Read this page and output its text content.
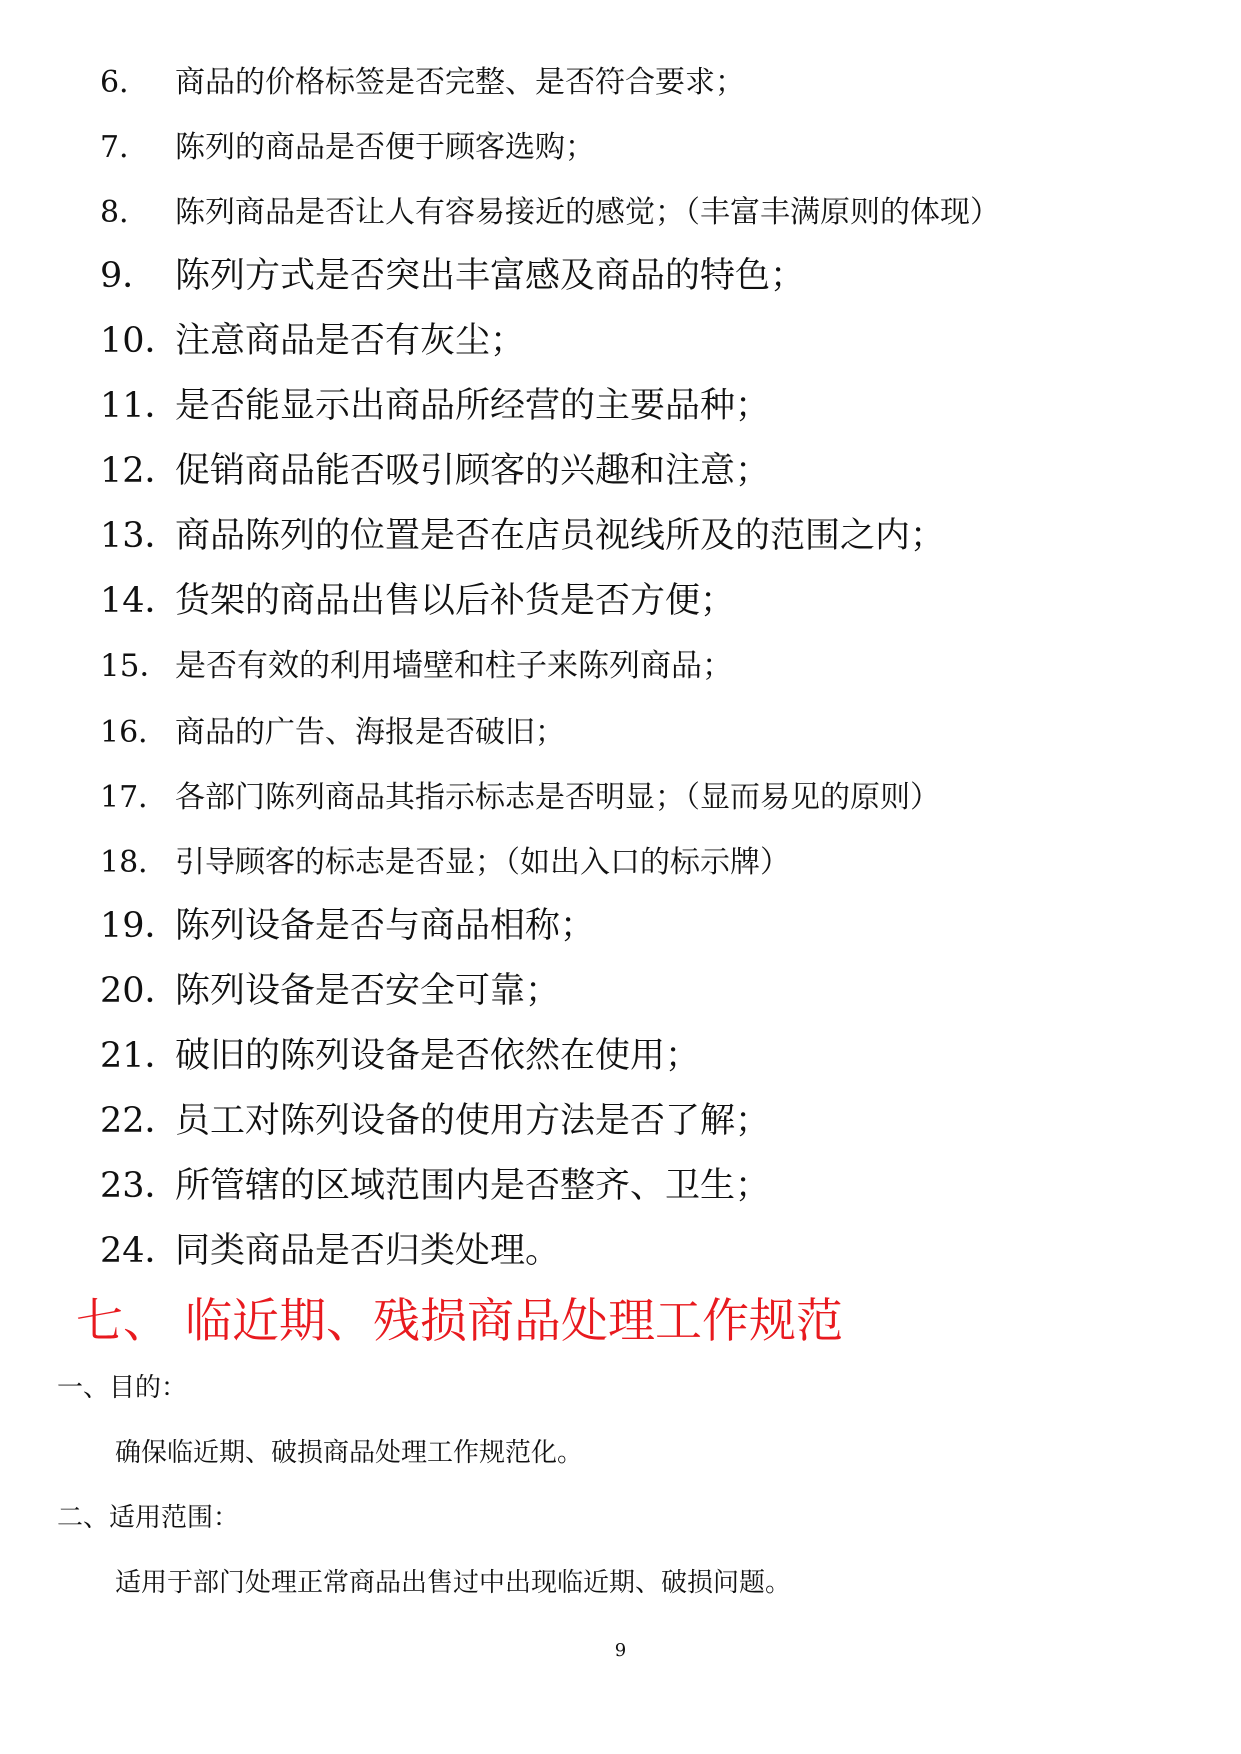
6． 商品的价格标签是否完整、是否符合要求；
7． 陈列的商品是否便于顾客选购；
8． 陈列商品是否让人有容易接近的感觉；（丰富丰满原则的体现）
9． 陈列方式是否突出丰富感及商品的特色；
10．注意商品是否有灰尘；
11．是否能显示出商品所经营的主要品种；
12．促销商品能否吸引顾客的兴趣和注意；
13．商品陈列的位置是否在店员视线所及的范围之内；
14．货架的商品出售以后补货是否方便；
15． 是否有效的利用墙壁和柱子来陈列商品；
16． 商品的广告、海报是否破旧；
17． 各部门陈列商品其指示标志是否明显；（显而易见的原则）
18． 引导顾客的标志是否显；（如出入口的标示牌）
19．陈列设备是否与商品相称；
20．陈列设备是否安全可靠；
21．破旧的陈列设备是否依然在使用；
22．员工对陈列设备的使用方法是否了解；
23．所管辖的区域范围内是否整齐、卫生；
24．同类商品是否归类处理。
七、 临近期、残损商品处理工作规范
一、目的：
确保临近期、破损商品处理工作规范化。
二、适用范围：
适用于部门处理正常商品出售过中出现临近期、破损问题。
9
